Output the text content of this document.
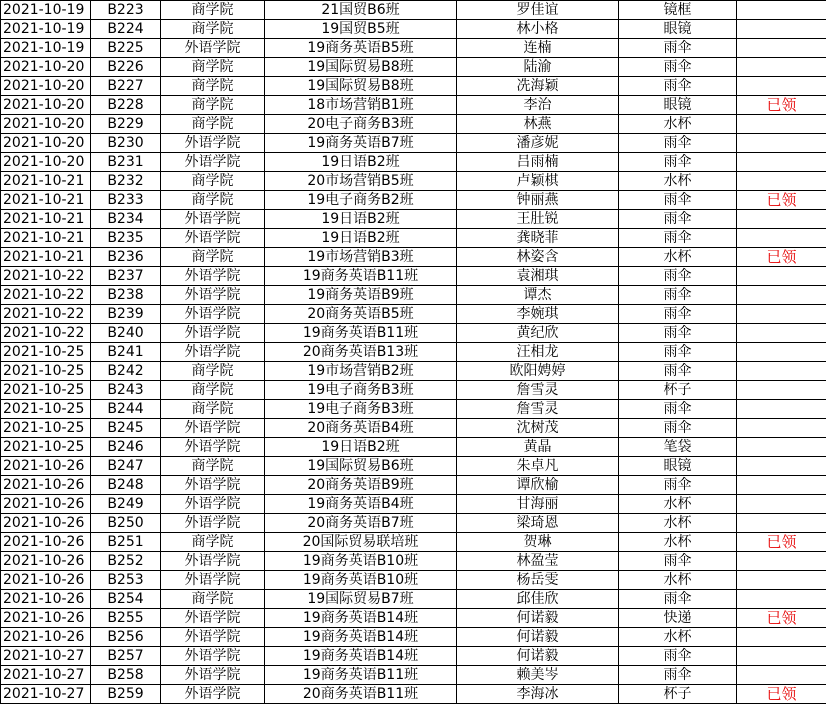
2021-10-19	B223	商学院	21国贸B6班	罗佳谊	镜框	
2021-10-19	B224	商学院	19国贸B5班	林小格	眼镜	
2021-10-19	B225	外语学院	19商务英语B5班	连楠	雨伞	
2021-10-20	B226	商学院	19国际贸易B8班	陆渝	雨伞	
2021-10-20	B227	商学院	19国际贸易B8班	冼海颖	雨伞	
2021-10-20	B228	商学院	18市场营销B1班	李治	眼镜	已领
2021-10-20	B229	商学院	20电子商务B3班	林燕	水杯	
2021-10-20	B230	外语学院	19商务英语B7班	潘彦妮	雨伞	
2021-10-20	B231	外语学院	19日语B2班	吕雨楠	雨伞	
2021-10-21	B232	商学院	20市场营销B5班	卢颖棋	水杯	
2021-10-21	B233	商学院	19电子商务B2班	钟丽燕	雨伞	已领
2021-10-21	B234	外语学院	19日语B2班	王肚锐	雨伞	
2021-10-21	B235	外语学院	19日语B2班	龚晓菲	雨伞	
2021-10-21	B236	商学院	19市场营销B3班	林姿含	水杯	已领
2021-10-22	B237	外语学院	19商务英语B11班	袁湘琪	雨伞	
2021-10-22	B238	外语学院	19商务英语B9班	谭杰	雨伞	
2021-10-22	B239	外语学院	20商务英语B5班	李婉琪	雨伞	
2021-10-22	B240	外语学院	19商务英语B11班	黄纪欣	雨伞	
2021-10-25	B241	外语学院	20商务英语B13班	汪相龙	雨伞	
2021-10-25	B242	商学院	19市场营销B2班	欧阳娉婷	雨伞	
2021-10-25	B243	商学院	19电子商务B3班	詹雪灵	杯子	
2021-10-25	B244	商学院	19电子商务B3班	詹雪灵	雨伞	
2021-10-25	B245	外语学院	20商务英语B4班	沈树茂	雨伞	
2021-10-25	B246	外语学院	19日语B2班	黄晶	笔袋	
2021-10-26	B247	商学院	19国际贸易B6班	朱卓凡	眼镜	
2021-10-26	B248	外语学院	20商务英语B9班	谭欣榆	雨伞	
2021-10-26	B249	外语学院	19商务英语B4班	甘海丽	水杯	
2021-10-26	B250	外语学院	20商务英语B7班	梁琦恩	水杯	
2021-10-26	B251	商学院	20国际贸易联培班	贺琳	水杯	已领
2021-10-26	B252	外语学院	19商务英语B10班	林盈莹	雨伞	
2021-10-26	B253	外语学院	19商务英语B10班	杨岳雯	水杯	
2021-10-26	B254	商学院	19国际贸易B7班	邱佳欣	雨伞	
2021-10-26	B255	外语学院	19商务英语B14班	何诺毅	快递	已领
2021-10-26	B256	外语学院	19商务英语B14班	何诺毅	水杯	
2021-10-27	B257	外语学院	19商务英语B14班	何诺毅	雨伞	
2021-10-27	B258	外语学院	19商务英语B11班	赖美岑	雨伞	
2021-10-27	B259	外语学院	20商务英语B11班	李海冰	杯子	已领
